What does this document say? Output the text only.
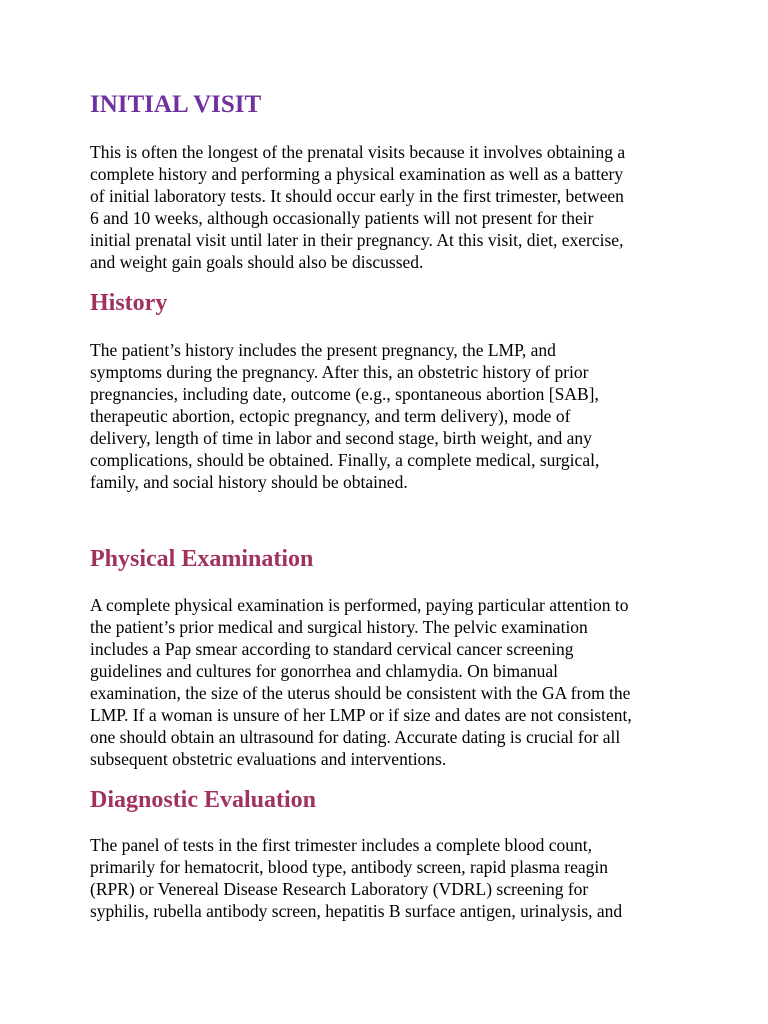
INITIAL VISIT
This is often the longest of the prenatal visits because it involves obtaining a
complete history and performing a physical examination as well as a battery
of initial laboratory tests. It should occur early in the first trimester, between
6 and 10 weeks, although occasionally patients will not present for their
initial prenatal visit until later in their pregnancy. At this visit, diet, exercise,
and weight gain goals should also be discussed.
History
The patient’s history includes the present pregnancy, the LMP, and
symptoms during the pregnancy. After this, an obstetric history of prior
pregnancies, including date, outcome (e.g., spontaneous abortion [SAB],
therapeutic abortion, ectopic pregnancy, and term delivery), mode of
delivery, length of time in labor and second stage, birth weight, and any
complications, should be obtained. Finally, a complete medical, surgical,
family, and social history should be obtained.
Physical Examination
A complete physical examination is performed, paying particular attention to
the patient’s prior medical and surgical history. The pelvic examination
includes a Pap smear according to standard cervical cancer screening
guidelines and cultures for gonorrhea and chlamydia. On bimanual
examination, the size of the uterus should be consistent with the GA from the
LMP. If a woman is unsure of her LMP or if size and dates are not consistent,
one should obtain an ultrasound for dating. Accurate dating is crucial for all
subsequent obstetric evaluations and interventions.
Diagnostic Evaluation
The panel of tests in the first trimester includes a complete blood count,
primarily for hematocrit, blood type, antibody screen, rapid plasma reagin
(RPR) or Venereal Disease Research Laboratory (VDRL) screening for
syphilis, rubella antibody screen, hepatitis B surface antigen, urinalysis, and
